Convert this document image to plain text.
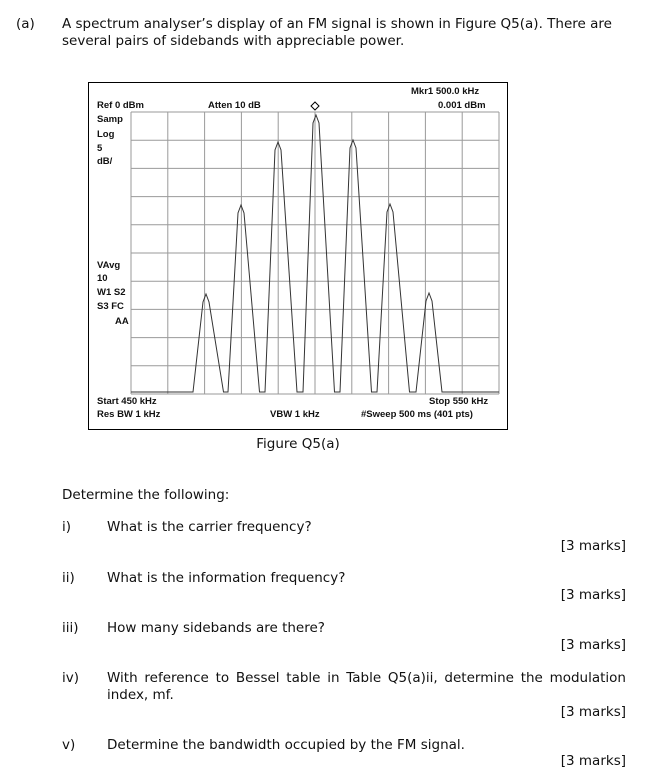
(a) A spectrum analyser’s display of an FM signal is shown in Figure Q5(a). There are
several pairs of sidebands with appreciable power.
Ref 0 dBm	Atten 10 dB
Mkr1 500.0 kHz
0.001 dBm
Samp
Log
5
dB/
VAvg
10
W1 S2
S3 FC
AA
Start 450 kHz
Res BW 1 kHz	VBW 1 kHz
Stop 550 kHz
#Sweep 500 ms (401 pts)
Figure Q5(a)
Determine the following:
i)	What is the carrier frequency?
[3 marks]
ii) What is the information frequency?
[3 marks]
iii) How many sidebands are there?
[3 marks]
iv) With reference to Bessel table in Table Q5(a)ii, determine the modulation
index, mf.
[3 marks]
v) Determine the bandwidth occupied by the FM signal.
[3 marks]
